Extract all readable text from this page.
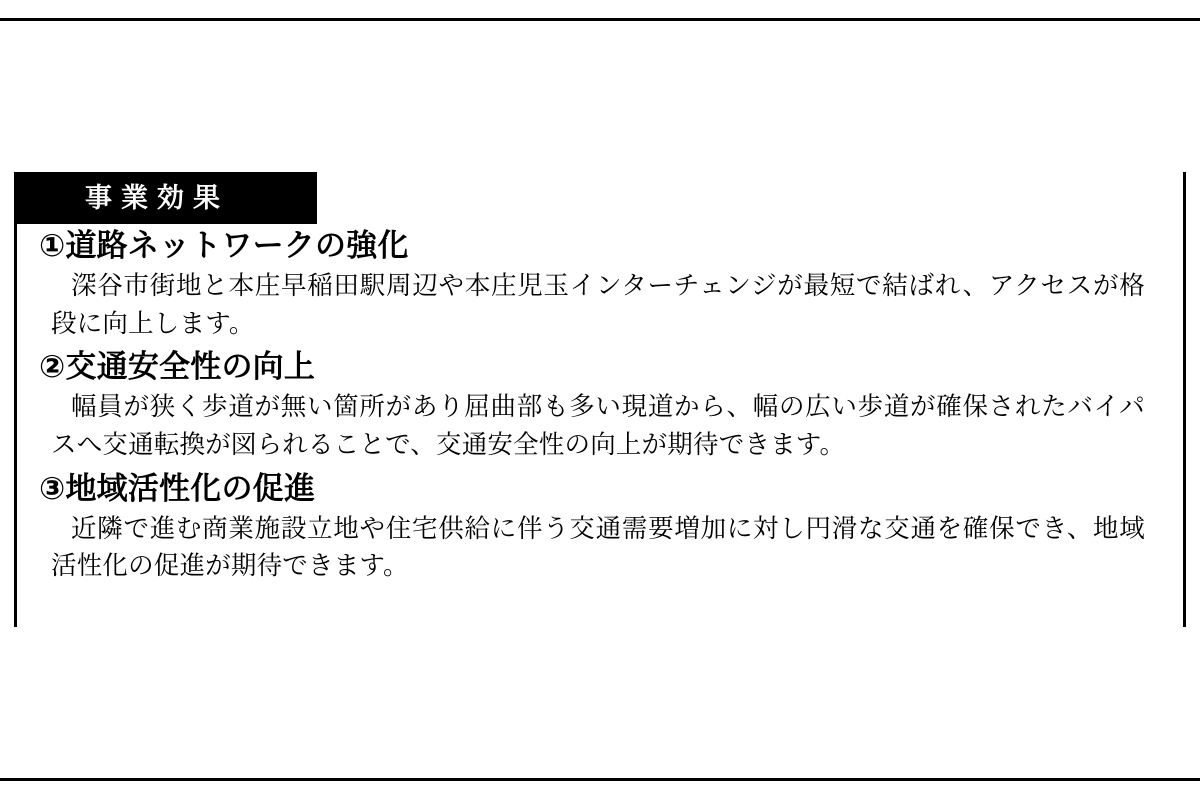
事業効果

①道路ネットワークの強化

深谷市街地と本庄早稲田駅周辺や本庄児玉インターチェンジが最短で結ばれ、アクセスが格段に向上します。

②交通安全性の向上

幅員が狭く歩道が無い箇所があり屈曲部も多い現道から、幅の広い歩道が確保されたバイパスへ交通転換が図られることで、交通安全性の向上が期待できます。

③地域活性化の促進

近隣で進む商業施設立地や住宅供給に伴う交通需要増加に対し円滑な交通を確保でき、地域活性化の促進が期待できます。
